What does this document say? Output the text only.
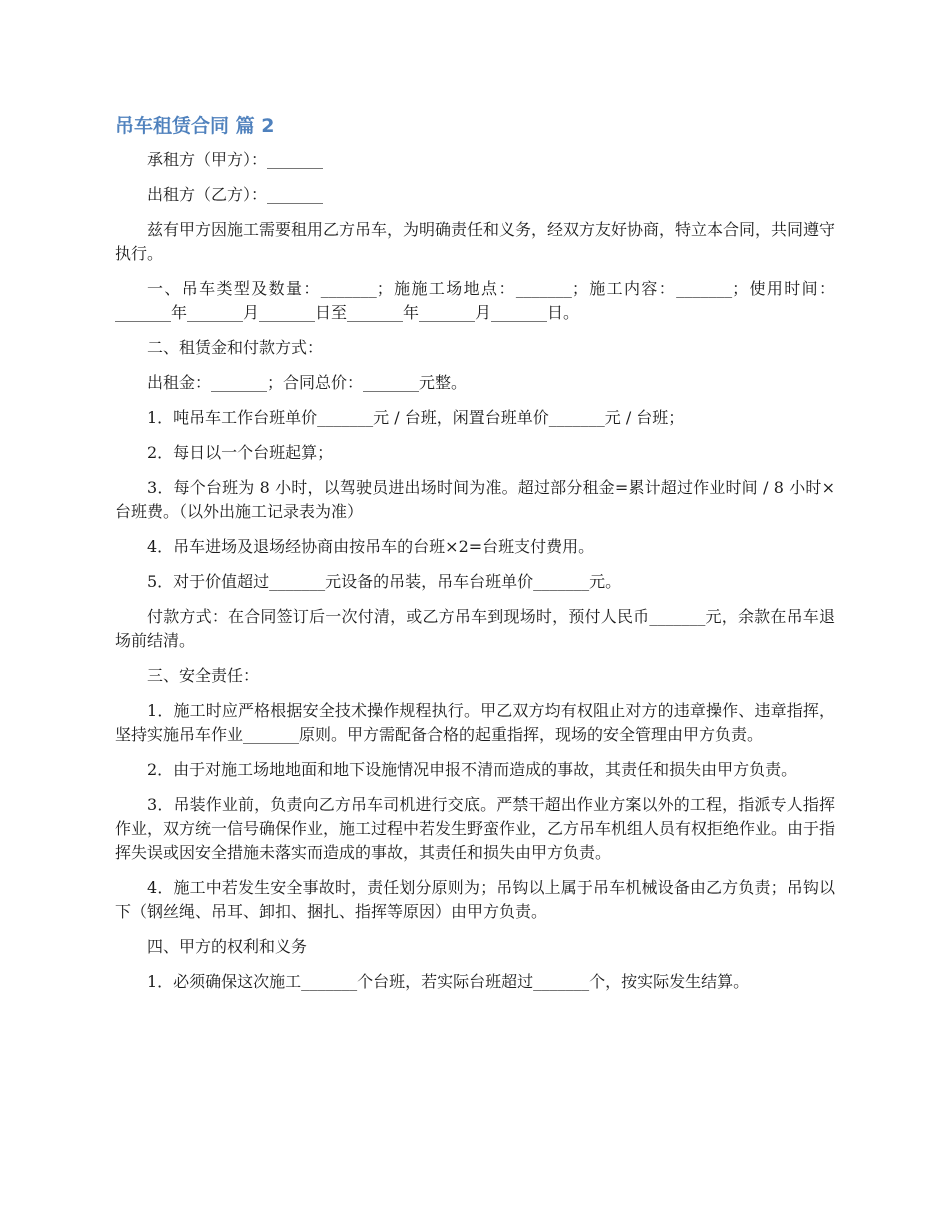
吊车租赁合同 篇 2

承租方（甲方）：_______

出租方（乙方）：_______

兹有甲方因施工需要租用乙方吊车，为明确责任和义务，经双方友好协商，特立本合同，共同遵守执行。

一、吊车类型及数量：_______；施施工场地点：_______；施工内容：_______；使用时间：_______年_______月_______日至_______年_______月_______日。

二、租赁金和付款方式：

出租金：_______；合同总价：_______元整。

1．吨吊车工作台班单价_______元 / 台班，闲置台班单价_______元 / 台班；

2．每日以一个台班起算；

3．每个台班为 8 小时，以驾驶员进出场时间为准。超过部分租金=累计超过作业时间 / 8 小时×台班费。（以外出施工记录表为准）

4．吊车进场及退场经协商由按吊车的台班×2=台班支付费用。

5．对于价值超过_______元设备的吊装，吊车台班单价_______元。

付款方式：在合同签订后一次付清，或乙方吊车到现场时，预付人民币_______元，余款在吊车退场前结清。

三、安全责任：

1．施工时应严格根据安全技术操作规程执行。甲乙双方均有权阻止对方的违章操作、违章指挥，坚持实施吊车作业_______原则。甲方需配备合格的起重指挥，现场的安全管理由甲方负责。

2．由于对施工场地地面和地下设施情况申报不清而造成的事故，其责任和损失由甲方负责。

3．吊装作业前，负责向乙方吊车司机进行交底。严禁干超出作业方案以外的工程，指派专人指挥作业，双方统一信号确保作业，施工过程中若发生野蛮作业，乙方吊车机组人员有权拒绝作业。由于指挥失误或因安全措施未落实而造成的事故，其责任和损失由甲方负责。

4．施工中若发生安全事故时，责任划分原则为；吊钩以上属于吊车机械设备由乙方负责；吊钩以下（钢丝绳、吊耳、卸扣、捆扎、指挥等原因）由甲方负责。

四、甲方的权利和义务

1．必须确保这次施工_______个台班，若实际台班超过_______个，按实际发生结算。
